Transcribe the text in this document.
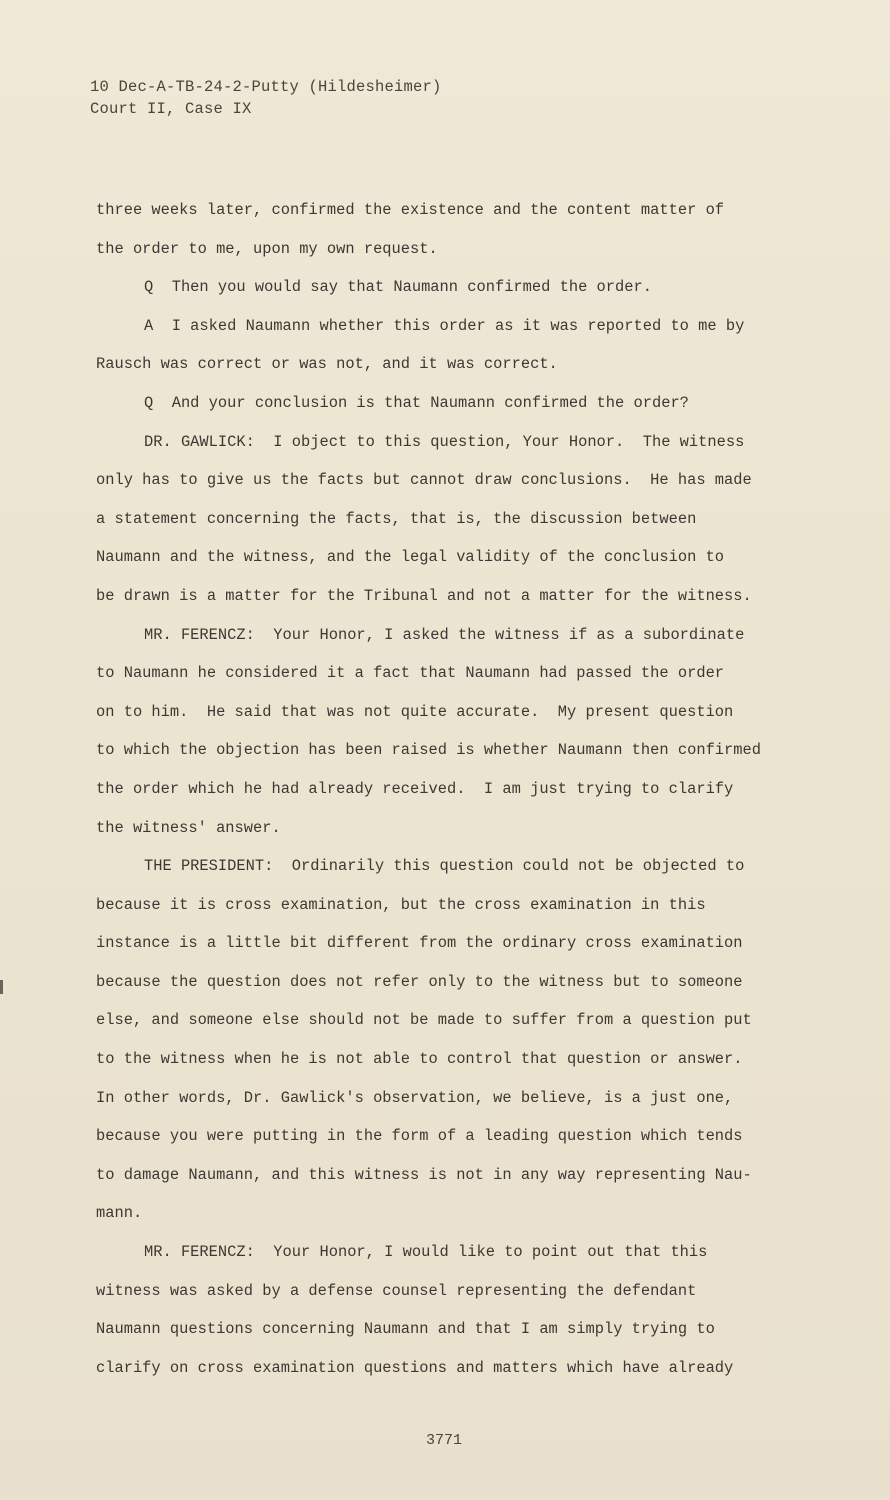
10 Dec-A-TB-24-2-Putty (Hildesheimer)
Court II, Case IX
three weeks later, confirmed the existence and the content matter of
the order to me, upon my own request.
Q  Then you would say that Naumann confirmed the order.
A  I asked Naumann whether this order as it was reported to me by
Rausch was correct or was not, and it was correct.
Q  And your conclusion is that Naumann confirmed the order?
DR. GAWLICK:  I object to this question, Your Honor.  The witness
only has to give us the facts but cannot draw conclusions.  He has made
a statement concerning the facts, that is, the discussion between
Naumann and the witness, and the legal validity of the conclusion to
be drawn is a matter for the Tribunal and not a matter for the witness.
MR. FERENCZ:  Your Honor, I asked the witness if as a subordinate
to Naumann he considered it a fact that Naumann had passed the order
on to him.  He said that was not quite accurate.  My present question
to which the objection has been raised is whether Naumann then confirmed
the order which he had already received.  I am just trying to clarify
the witness' answer.
THE PRESIDENT:  Ordinarily this question could not be objected to
because it is cross examination, but the cross examination in this
instance is a little bit different from the ordinary cross examination
because the question does not refer only to the witness but to someone
else, and someone else should not be made to suffer from a question put
to the witness when he is not able to control that question or answer.
In other words, Dr. Gawlick's observation, we believe, is a just one,
because you were putting in the form of a leading question which tends
to damage Naumann, and this witness is not in any way representing Nau-
mann.
MR. FERENCZ:  Your Honor, I would like to point out that this
witness was asked by a defense counsel representing the defendant
Naumann questions concerning Naumann and that I am simply trying to
clarify on cross examination questions and matters which have already
3771
